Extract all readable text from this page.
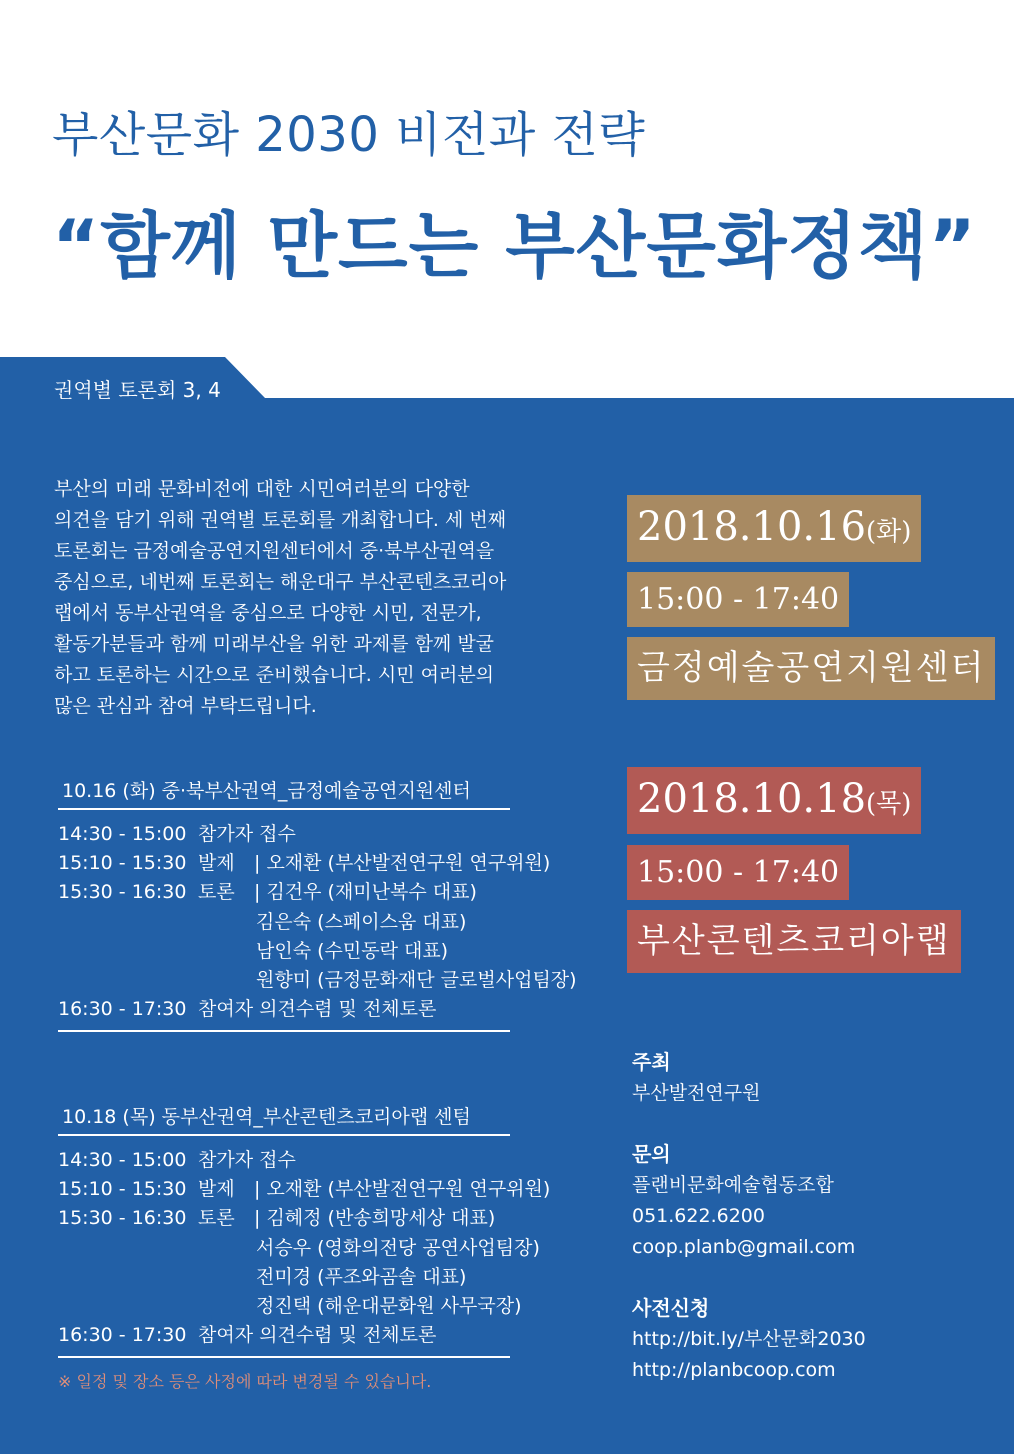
부산문화 2030 비전과 전략
“함께 만드는 부산문화정책”
권역별 토론회 3, 4
부산의 미래 문화비전에 대한 시민여러분의 다양한
의견을 담기 위해 권역별 토론회를 개최합니다. 세 번째
토론회는 금정예술공연지원센터에서 중·북부산권역을
중심으로, 네번째 토론회는 해운대구 부산콘텐츠코리아
랩에서 동부산권역을 중심으로 다양한 시민, 전문가,
활동가분들과 함께 미래부산을 위한 과제를 함께 발굴
하고 토론하는 시간으로 준비했습니다. 시민 여러분의
많은 관심과 참여 부탁드립니다.
10.16 (화) 중·북부산권역_금정예술공연지원센터
14:30 - 15:00 참가자 접수
15:10 - 15:30 발제 | 오재환 (부산발전연구원 연구위원)
15:30 - 16:30 토론 | 김건우 (재미난복수 대표)
김은숙 (스페이스움 대표)
남인숙 (수민동락 대표)
원향미 (금정문화재단 글로벌사업팀장)
16:30 - 17:30 참여자 의견수렴 및 전체토론
10.18 (목) 동부산권역_부산콘텐츠코리아랩 센텀
14:30 - 15:00 참가자 접수
15:10 - 15:30 발제 | 오재환 (부산발전연구원 연구위원)
15:30 - 16:30 토론 | 김혜정 (반송희망세상 대표)
서승우 (영화의전당 공연사업팀장)
전미경 (푸조와곰솔 대표)
정진택 (해운대문화원 사무국장)
16:30 - 17:30 참여자 의견수렴 및 전체토론
※ 일정 및 장소 등은 사정에 따라 변경될 수 있습니다.
2018.10.16(화)
15:00 - 17:40
금정예술공연지원센터
2018.10.18(목)
15:00 - 17:40
부산콘텐츠코리아랩
주최
부산발전연구원
문의
플랜비문화예술협동조합
051.622.6200
coop.planb@gmail.com
사전신청
http://bit.ly/부산문화2030
http://planbcoop.com
